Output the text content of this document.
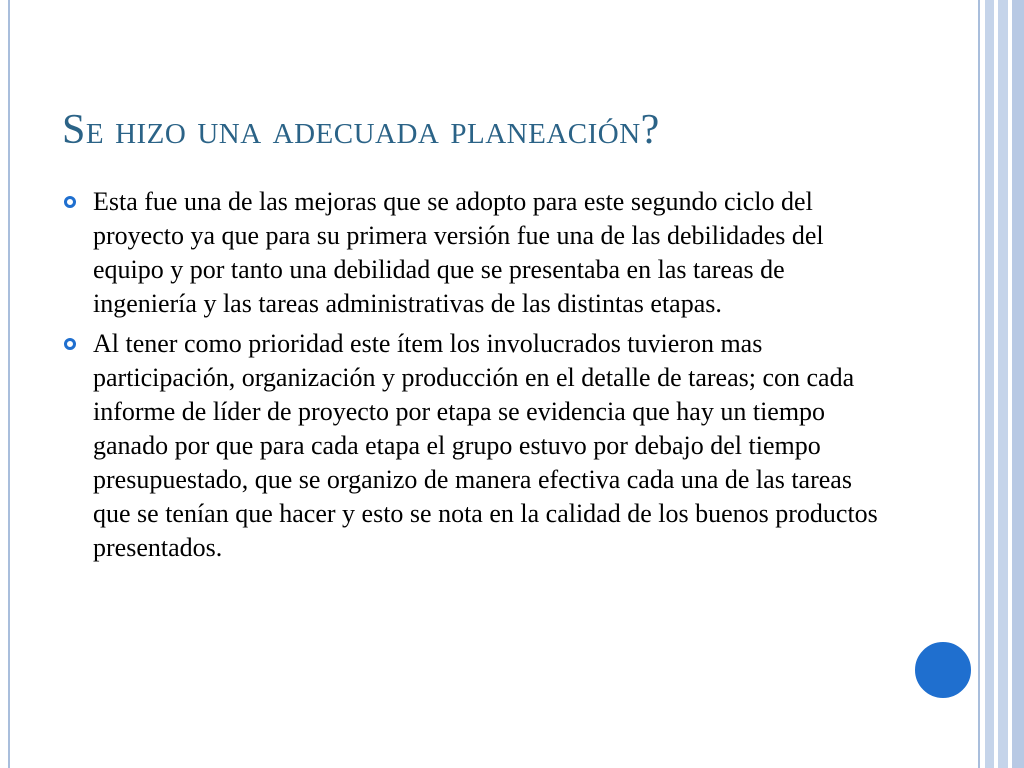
Se hizo una adecuada planeación?
Esta fue una de las mejoras que se adopto para este segundo ciclo del proyecto ya que para su primera versión fue una de las debilidades del equipo y por tanto una debilidad que se presentaba en las tareas de ingeniería y las tareas administrativas de las distintas etapas.
Al tener como prioridad este ítem los involucrados tuvieron mas participación, organización y producción en el detalle de tareas; con cada informe de líder de proyecto por etapa se evidencia que hay un tiempo ganado por que para cada etapa el grupo estuvo por debajo del tiempo presupuestado, que se organizo de manera efectiva cada una de las tareas que se tenían que hacer y esto se nota en la calidad de los buenos productos presentados.
